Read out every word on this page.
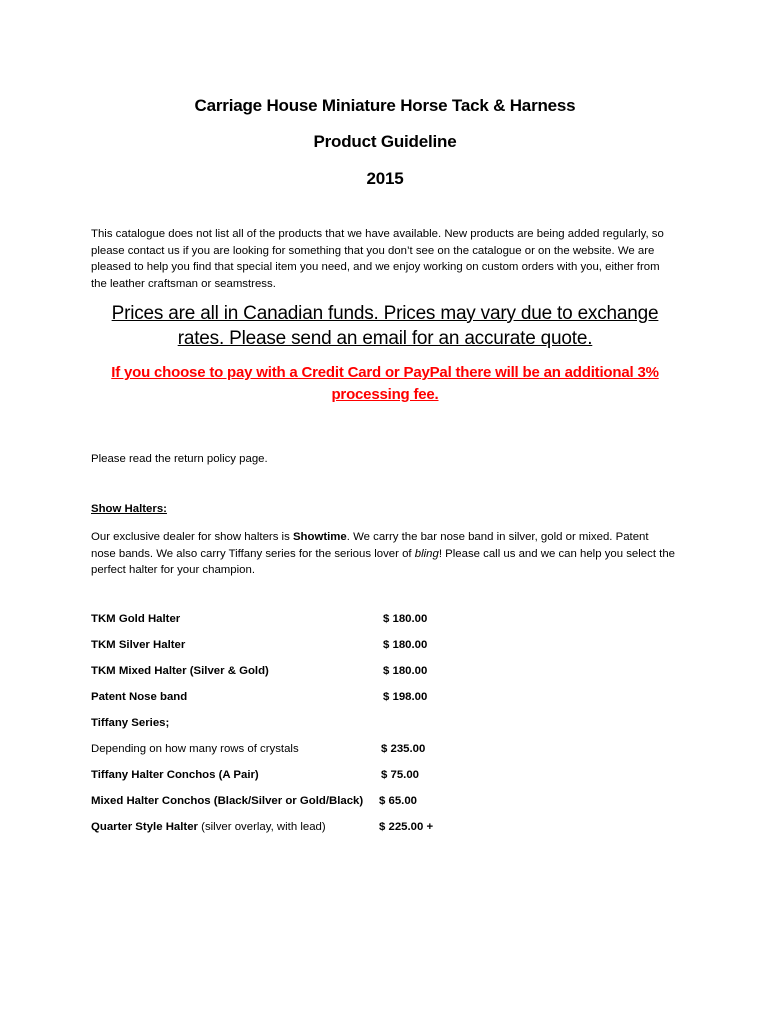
Carriage House Miniature Horse Tack & Harness
Product Guideline
2015
This catalogue does not list all of the products that we have available. New products are being added regularly, so
please contact us if you are looking for something that you don’t see on the catalogue or on the website. We are
pleased to help you find that special item you need, and we enjoy working on custom orders with you, either from
the leather craftsman or seamstress.
Prices are all in Canadian funds. Prices may vary due to exchange
rates. Please send an email for an accurate quote.
If you choose to pay with a Credit Card or PayPal there will be an additional 3%
processing fee.
Please read the return policy page.
Show Halters:
Our exclusive dealer for show halters is Showtime. We carry the bar nose band in silver, gold or mixed. Patent
nose bands. We also carry Tiffany series for the serious lover of bling! Please call us and we can help you select the
perfect halter for your champion.
TKM Gold Halter	$ 180.00
TKM Silver Halter	$ 180.00
TKM Mixed Halter (Silver & Gold)	$ 180.00
Patent Nose band	$ 198.00
Tiffany Series;
Depending on how many rows of crystals	$ 235.00
Tiffany Halter Conchos (A Pair)	$ 75.00
Mixed Halter Conchos (Black/Silver or Gold/Black) $ 65.00
Quarter Style Halter (silver overlay, with lead)	$ 225.00 +
